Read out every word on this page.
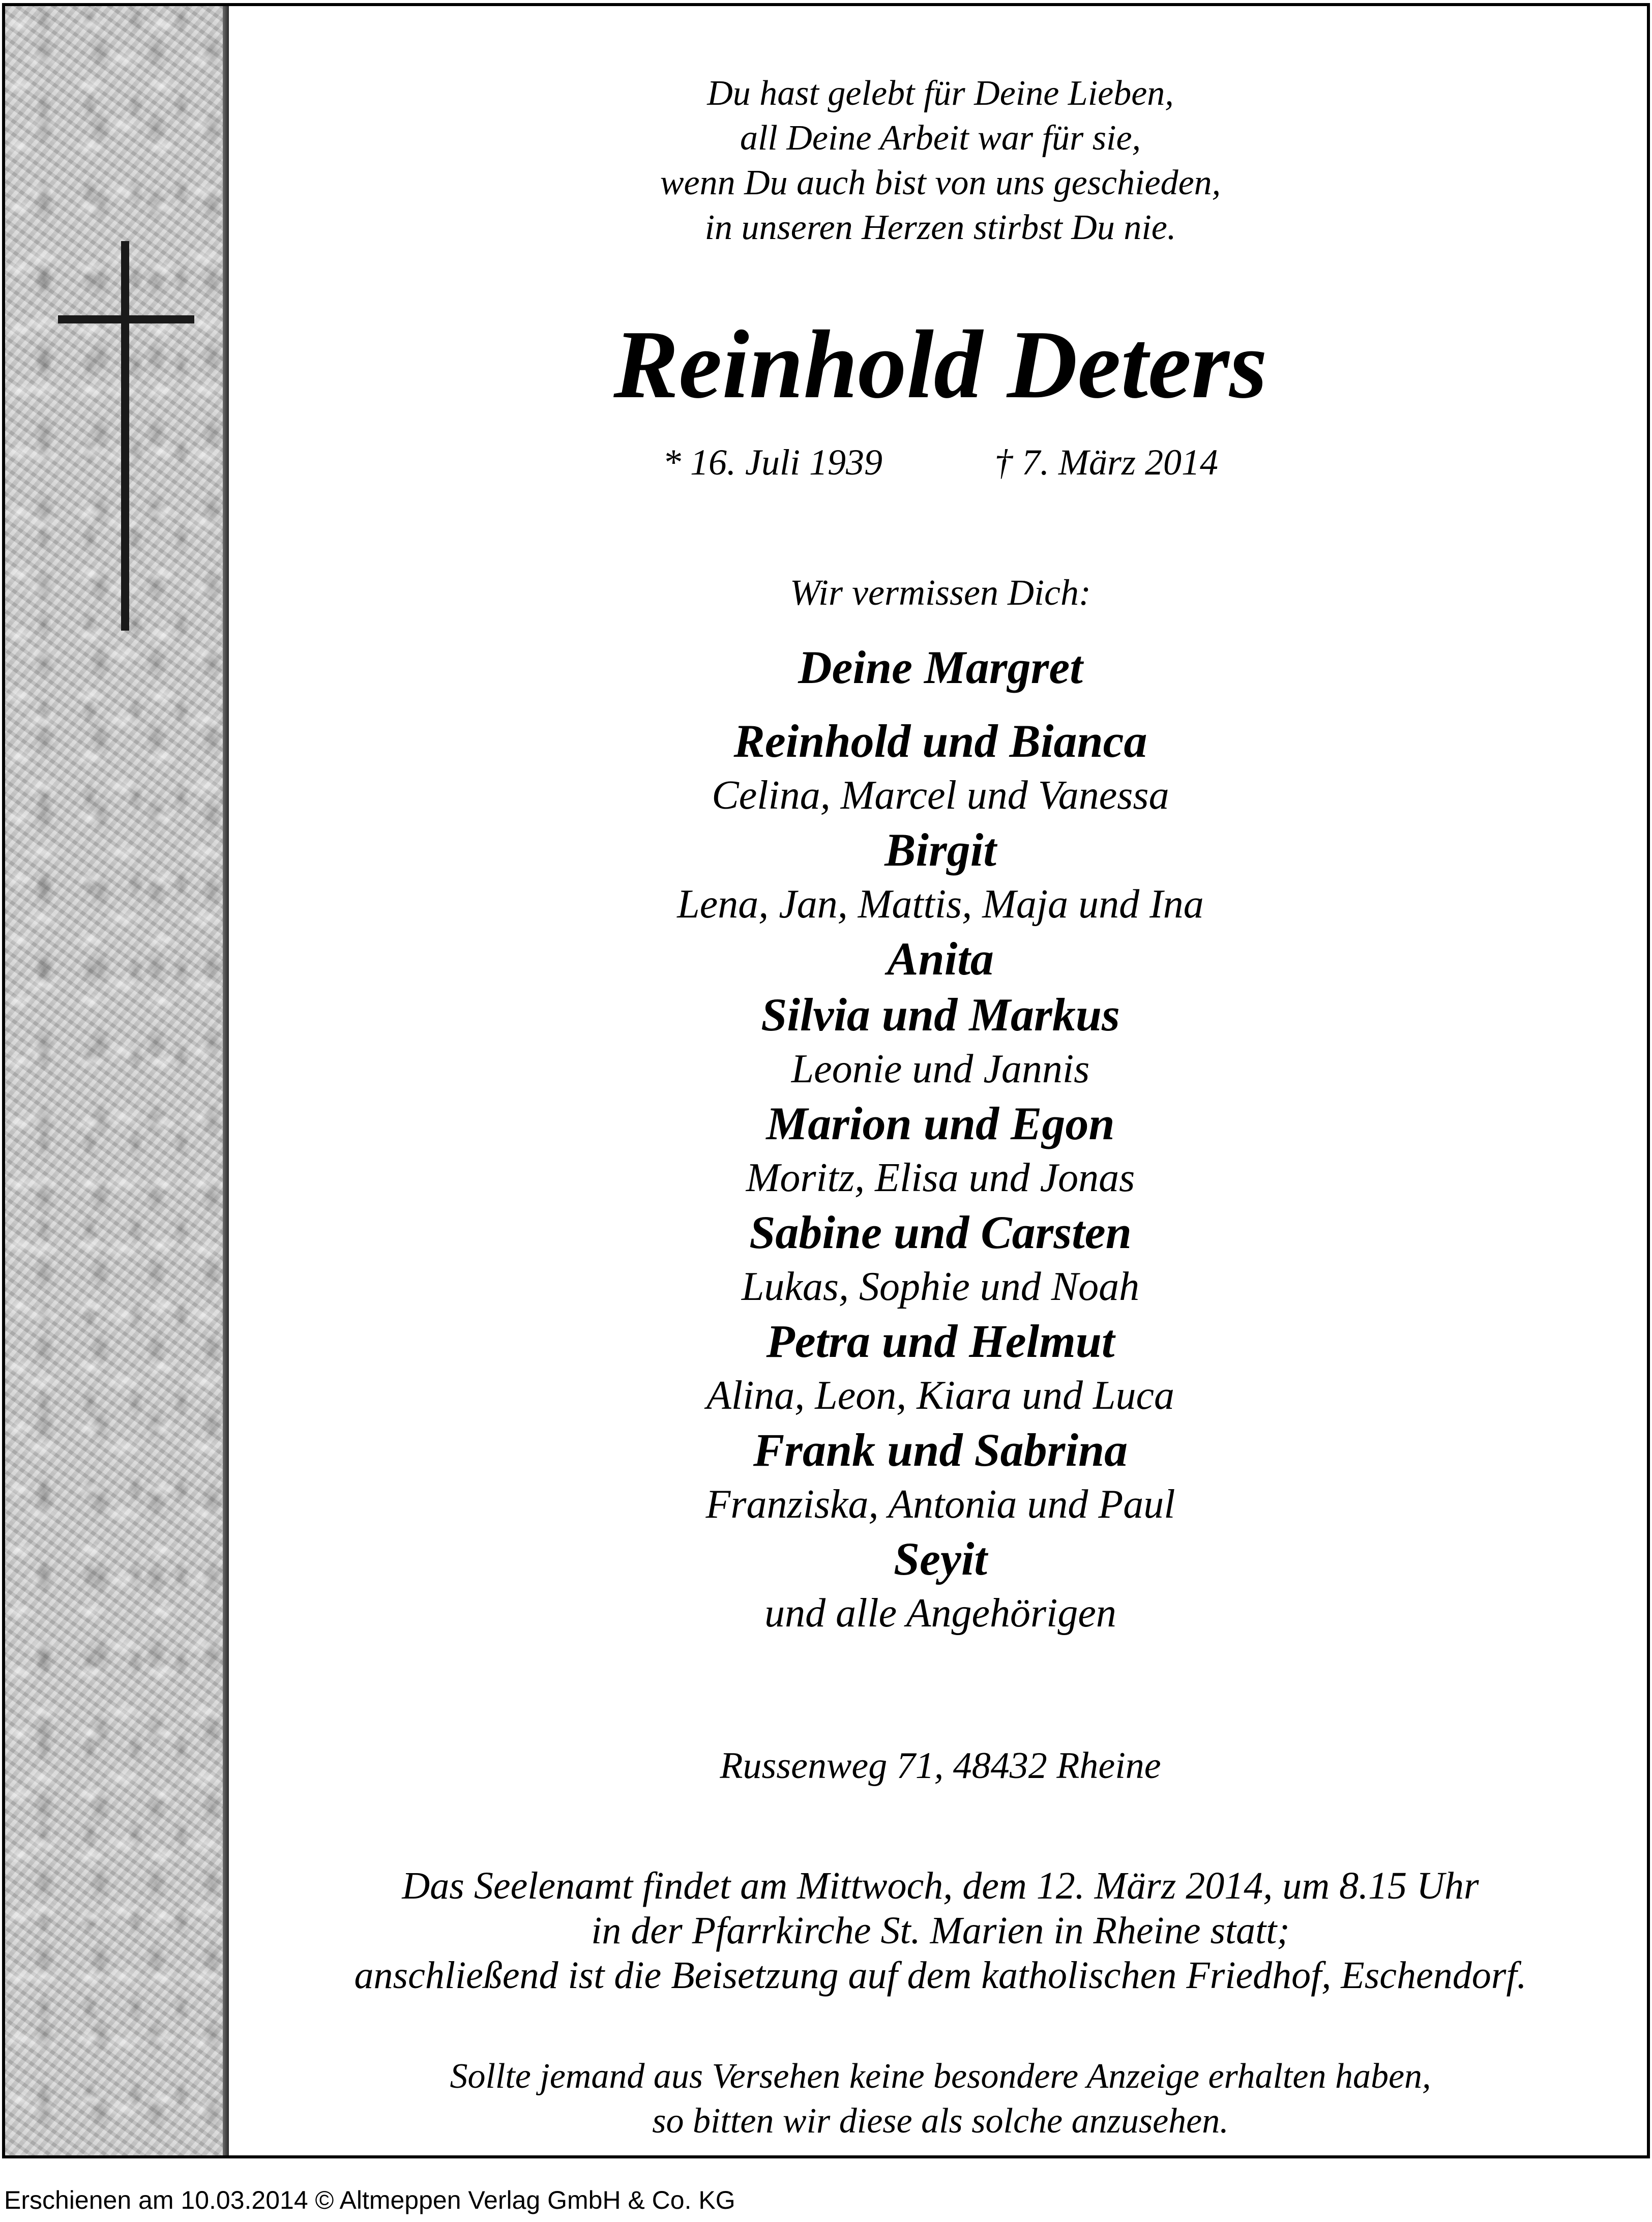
Du hast gelebt für Deine Lieben,
all Deine Arbeit war für sie,
wenn Du auch bist von uns geschieden,
in unseren Herzen stirbst Du nie.
Reinhold Deters
* 16. Juli 1939	† 7. März 2014
Wir vermissen Dich:
Deine Margret
Reinhold und Bianca
Celina, Marcel und Vanessa
Birgit
Lena, Jan, Mattis, Maja und Ina
Anita
Silvia und Markus
Leonie und Jannis
Marion und Egon
Moritz, Elisa und Jonas
Sabine und Carsten
Lukas, Sophie und Noah
Petra und Helmut
Alina, Leon, Kiara und Luca
Frank und Sabrina
Franziska, Antonia und Paul
Seyit
und alle Angehörigen
Russenweg 71, 48432 Rheine
Das Seelenamt findet am Mittwoch, dem 12. März 2014, um 8.15 Uhr
in der Pfarrkirche St. Marien in Rheine statt;
anschließend ist die Beisetzung auf dem katholischen Friedhof, Eschendorf.
Sollte jemand aus Versehen keine besondere Anzeige erhalten haben,
so bitten wir diese als solche anzusehen.
Erschienen am 10.03.2014 © Altmeppen Verlag GmbH & Co. KG
